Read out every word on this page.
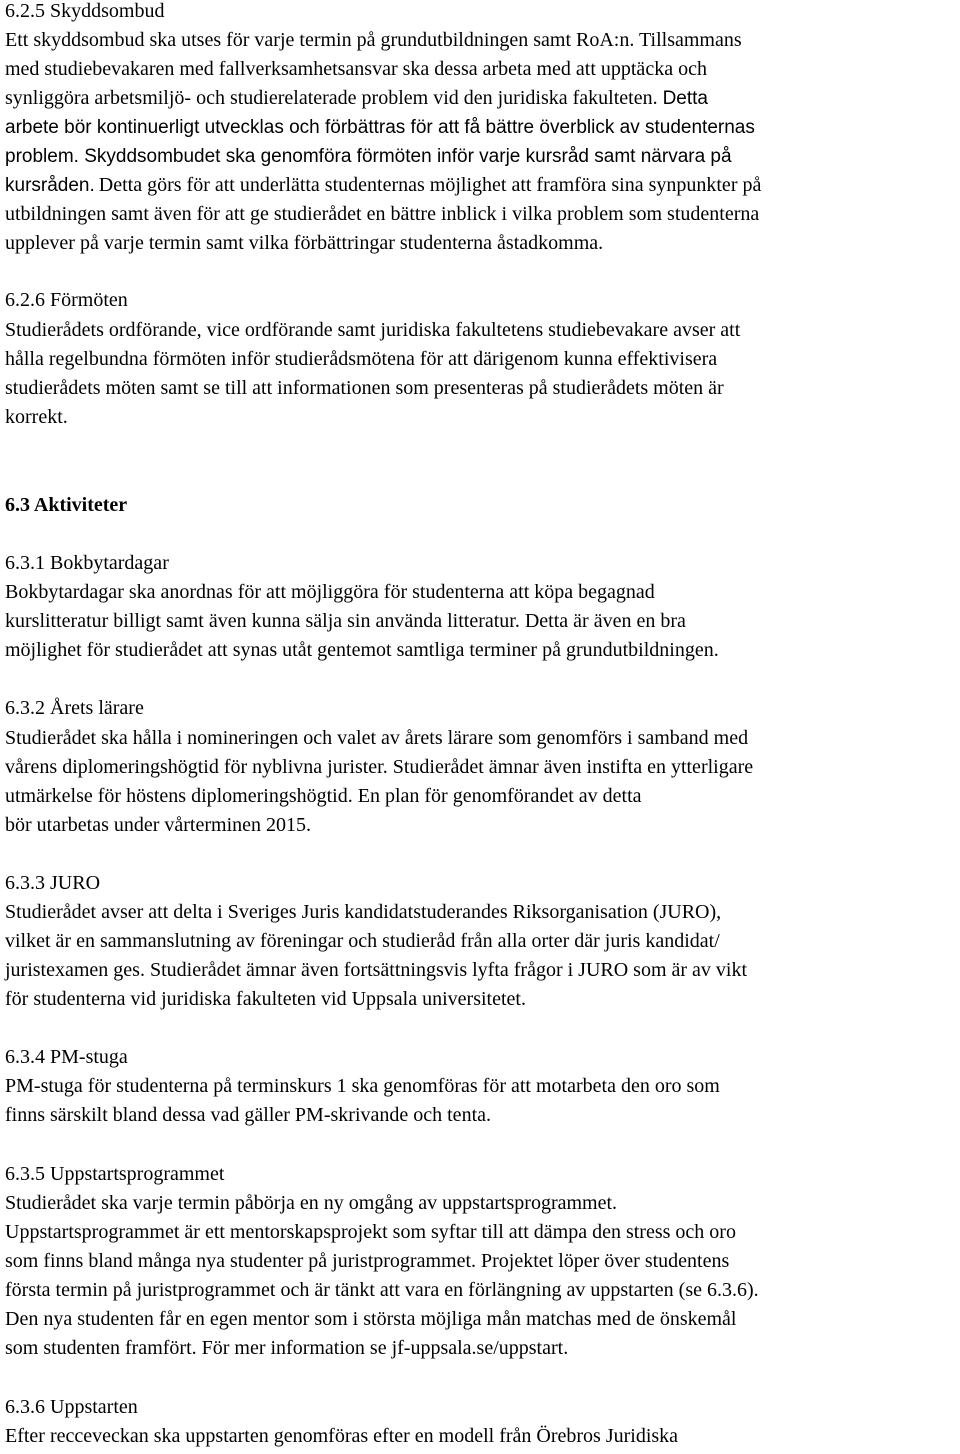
6.2.5 Skyddsombud
Ett skyddsombud ska utses för varje termin på grundutbildningen samt RoA:n. Tillsammans
med studiebevakaren med fallverksamhetsansvar ska dessa arbeta med att upptäcka och
synliggöra arbetsmiljö- och studierelaterade problem vid den juridiska fakulteten. Detta
arbete bör kontinuerligt utvecklas och förbättras för att få bättre överblick av studenternas
problem. Skyddsombudet ska genomföra förmöten inför varje kursråd samt närvara på
kursråden. Detta görs för att underlätta studenternas möjlighet att framföra sina synpunkter på
utbildningen samt även för att ge studierådet en bättre inblick i vilka problem som studenterna
upplever på varje termin samt vilka förbättringar studenterna åstadkomma.
6.2.6 Förmöten
Studierådets ordförande, vice ordförande samt juridiska fakultetens studiebevakare avser att
hålla regelbundna förmöten inför studierådsmötena för att därigenom kunna effektivisera
studierådets möten samt se till att informationen som presenteras på studierådets möten är
korrekt.
6.3 Aktiviteter
6.3.1 Bokbytardagar
Bokbytardagar ska anordnas för att möjliggöra för studenterna att köpa begagnad
kurslitteratur billigt samt även kunna sälja sin använda litteratur. Detta är även en bra
möjlighet för studierådet att synas utåt gentemot samtliga terminer på grundutbildningen.
6.3.2 Årets lärare
Studierådet ska hålla i nomineringen och valet av årets lärare som genomförs i samband med
vårens diplomeringshögtid för nyblivna jurister. Studierådet ämnar även instifta en ytterligare
utmärkelse för höstens diplomeringshögtid. En plan för genomförandet av detta
bör utarbetas under vårterminen 2015.
6.3.3 JURO
Studierådet avser att delta i Sveriges Juris kandidatstuderandes Riksorganisation (JURO),
vilket är en sammanslutning av föreningar och studieråd från alla orter där juris kandidat/
juristexamen ges. Studierådet ämnar även fortsättningsvis lyfta frågor i JURO som är av vikt
för studenterna vid juridiska fakulteten vid Uppsala universitetet.
6.3.4 PM-stuga
PM-stuga för studenterna på terminskurs 1 ska genomföras för att motarbeta den oro som
finns särskilt bland dessa vad gäller PM-skrivande och tenta.
6.3.5 Uppstartsprogrammet
Studierådet ska varje termin påbörja en ny omgång av uppstartsprogrammet.
Uppstartsprogrammet är ett mentorskapsprojekt som syftar till att dämpa den stress och oro
som finns bland många nya studenter på juristprogrammet. Projektet löper över studentens
första termin på juristprogrammet och är tänkt att vara en förlängning av uppstarten (se 6.3.6).
Den nya studenten får en egen mentor som i största möjliga mån matchas med de önskemål
som studenten framfört. För mer information se jf-uppsala.se/uppstart.
6.3.6 Uppstarten
Efter recceveckan ska uppstarten genomföras efter en modell från Örebros Juridiska
